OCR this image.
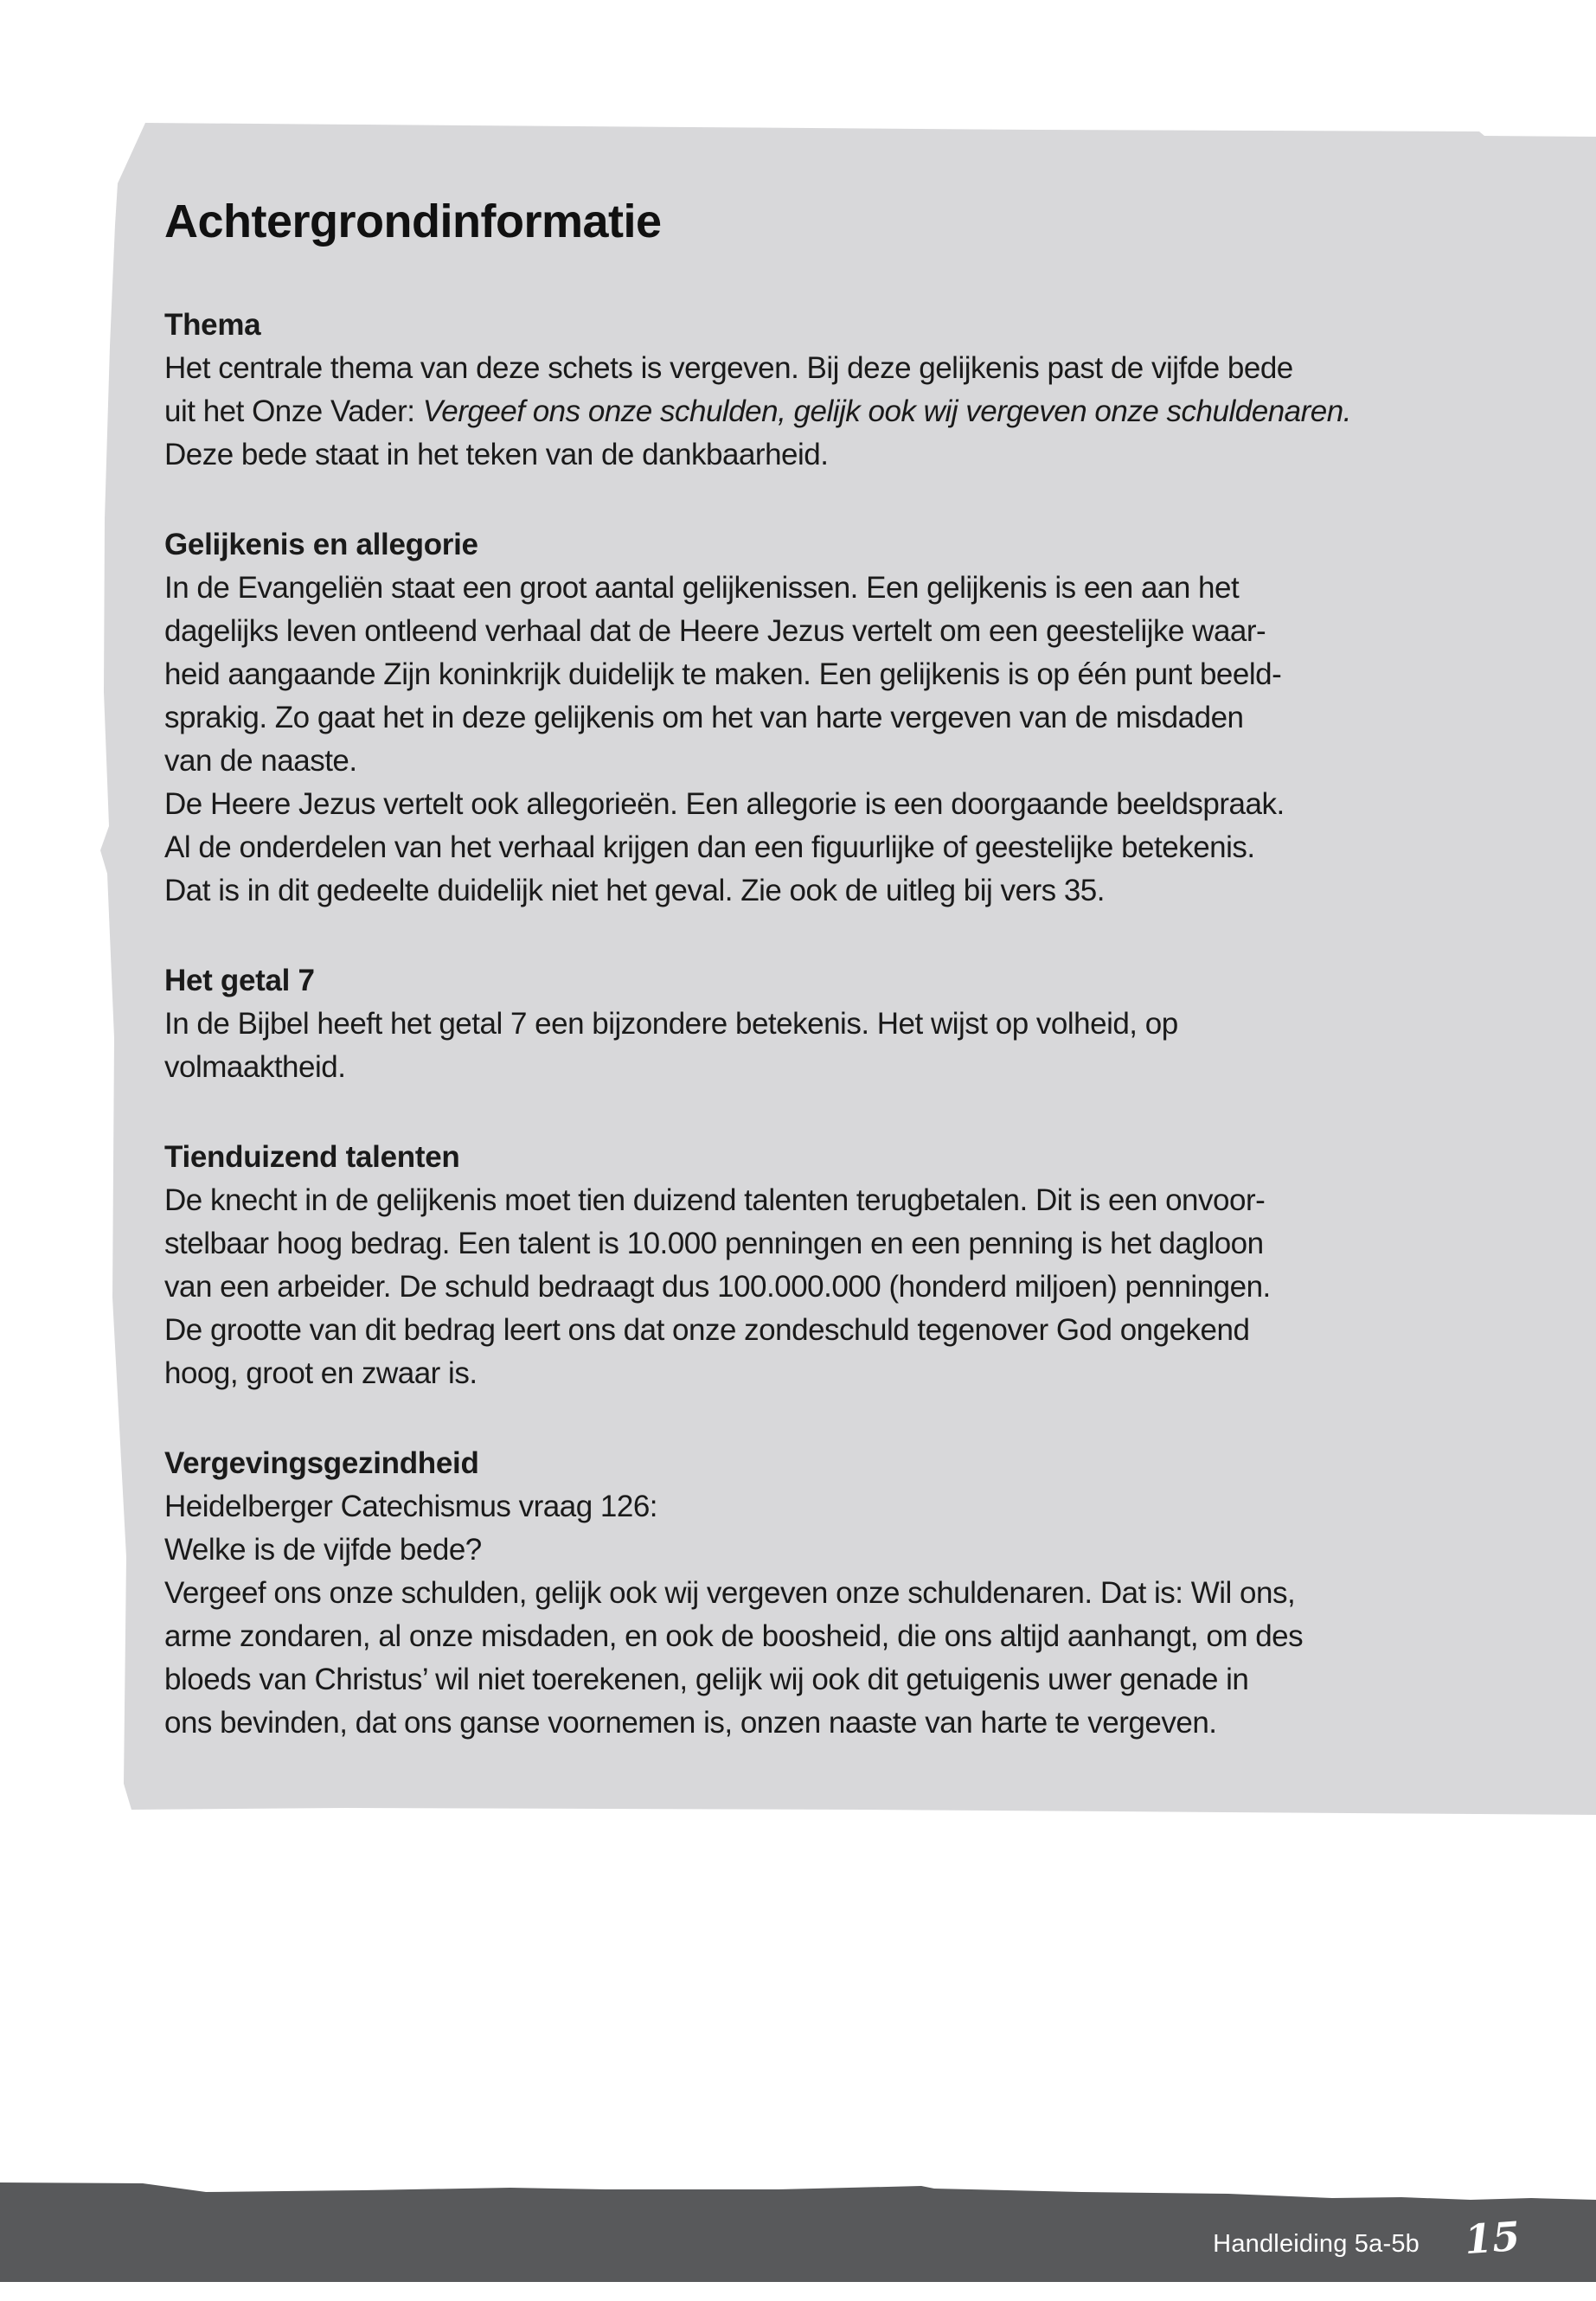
Achtergrondinformatie
Thema
Het centrale thema van deze schets is vergeven. Bij deze gelijkenis past de vijfde bede
uit het Onze Vader: Vergeef ons onze schulden, gelijk ook wij vergeven onze schuldenaren.
Deze bede staat in het teken van de dankbaarheid.
Gelijkenis en allegorie
In de Evangeliën staat een groot aantal gelijkenissen. Een gelijkenis is een aan het
dagelijks leven ontleend verhaal dat de Heere Jezus vertelt om een geestelijke waar-
heid aangaande Zijn koninkrijk duidelijk te maken. Een gelijkenis is op één punt beeld-
sprakig. Zo gaat het in deze gelijkenis om het van harte vergeven van de misdaden
van de naaste.
De Heere Jezus vertelt ook allegorieën. Een allegorie is een doorgaande beeldspraak.
Al de onderdelen van het verhaal krijgen dan een figuurlijke of geestelijke betekenis.
Dat is in dit gedeelte duidelijk niet het geval. Zie ook de uitleg bij vers 35.
Het getal 7
In de Bijbel heeft het getal 7 een bijzondere betekenis. Het wijst op volheid, op
volmaaktheid.
Tienduizend talenten
De knecht in de gelijkenis moet tien duizend talenten terugbetalen. Dit is een onvoor-
stelbaar hoog bedrag. Een talent is 10.000 penningen en een penning is het dagloon
van een arbeider. De schuld bedraagt dus 100.000.000 (honderd miljoen) penningen.
De grootte van dit bedrag leert ons dat onze zondeschuld tegenover God ongekend
hoog, groot en zwaar is.
Vergevingsgezindheid
Heidelberger Catechismus vraag 126:
Welke is de vijfde bede?
Vergeef ons onze schulden, gelijk ook wij vergeven onze schuldenaren. Dat is: Wil ons,
arme zondaren, al onze misdaden, en ook de boosheid, die ons altijd aanhangt, om des
bloeds van Christus’ wil niet toerekenen, gelijk wij ook dit getuigenis uwer genade in
ons bevinden, dat ons ganse voornemen is, onzen naaste van harte te vergeven.
Handleiding 5a-5b 15
